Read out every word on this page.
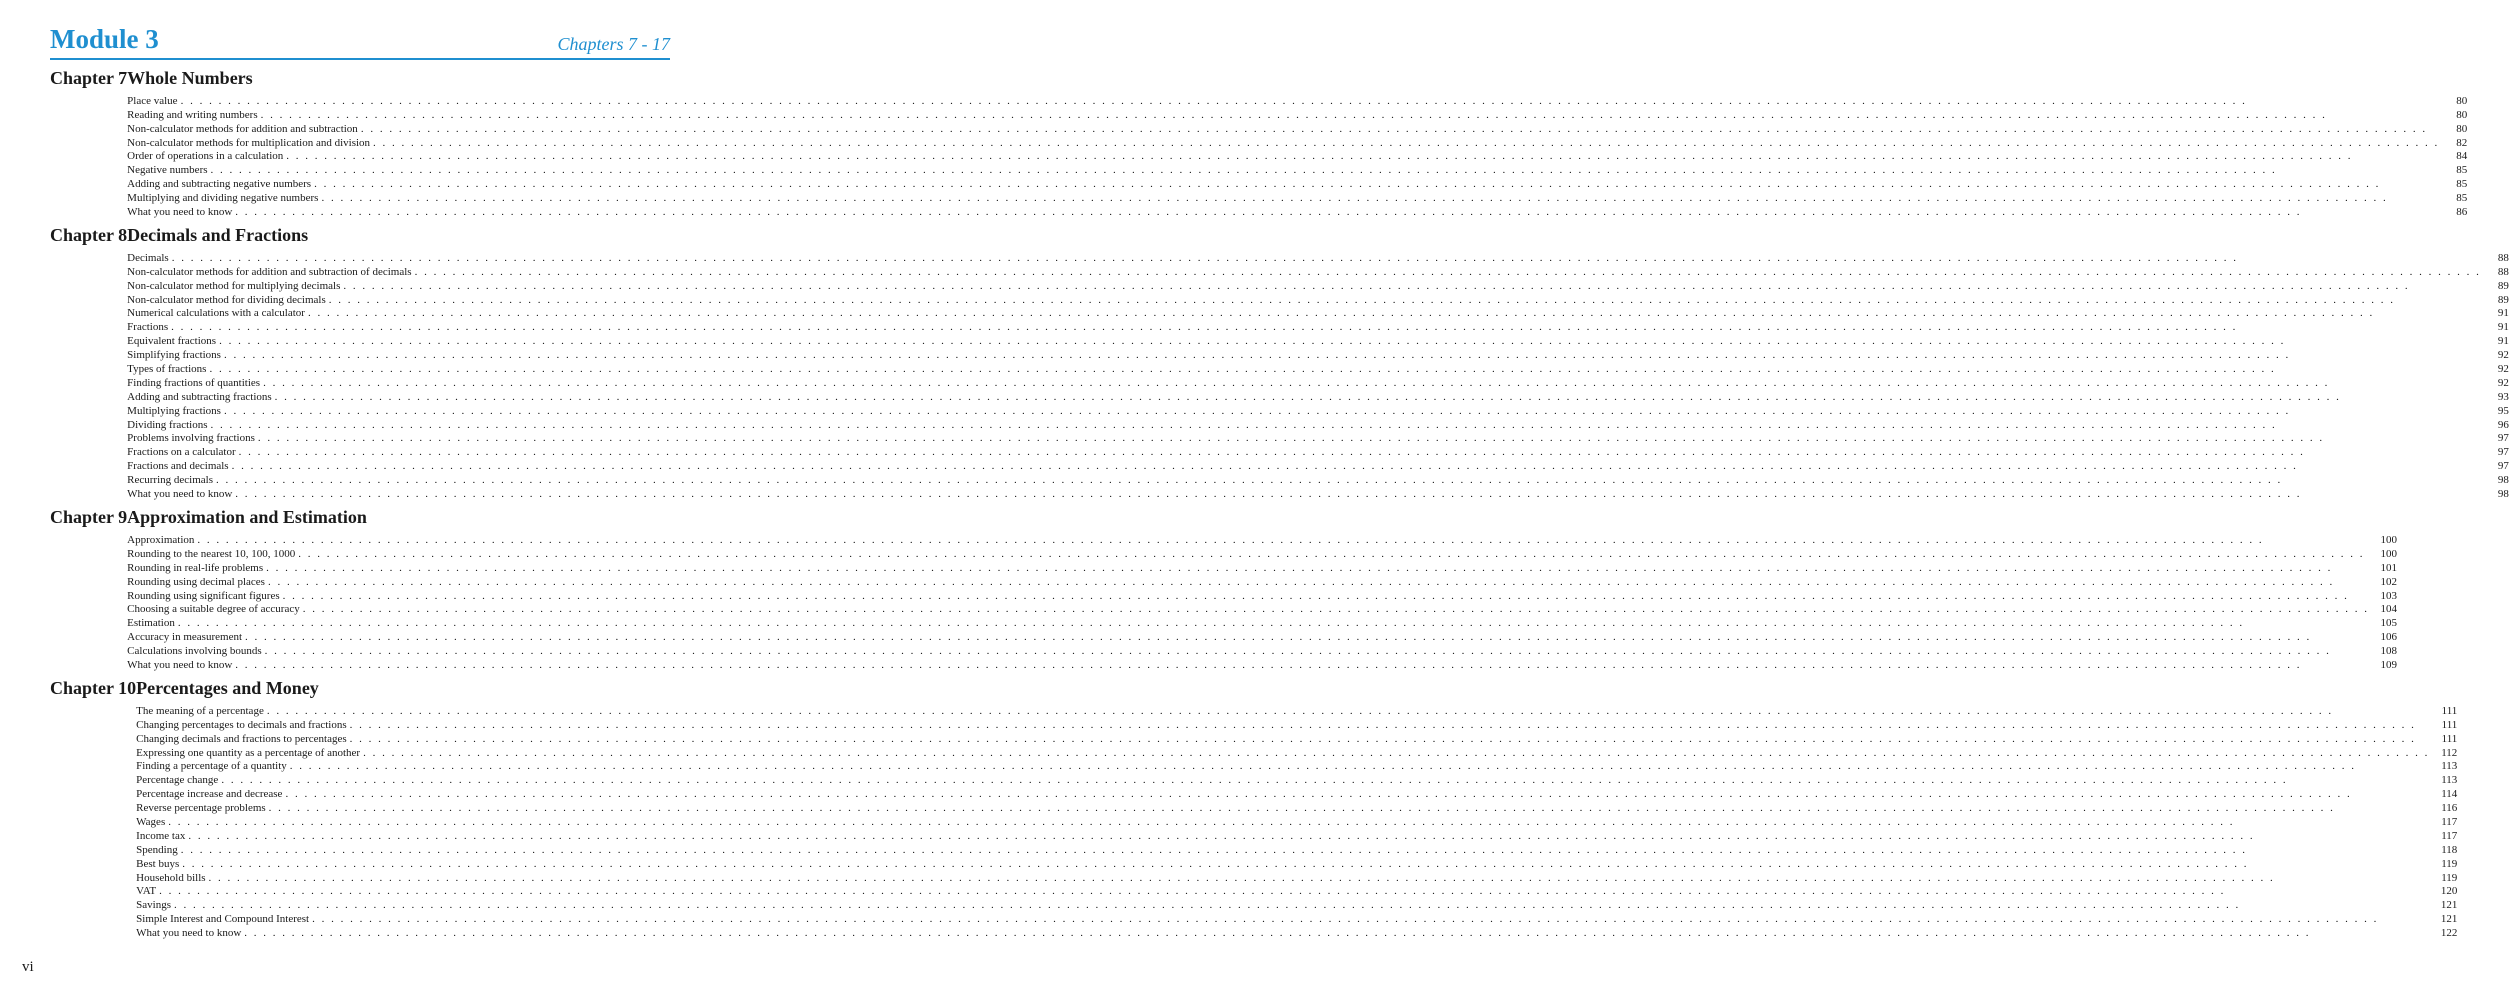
Module 3	Chapters 7 - 17
Chapter 7 Whole Numbers
Place value . . .	80
Reading and writing numbers . . .	80
Non-calculator methods for addition and subtraction . . .	80
Non-calculator methods for multiplication and division . . .	82
Order of operations in a calculation . . .	84
Negative numbers . . .	85
Adding and subtracting negative numbers . . .	85
Multiplying and dividing negative numbers . . .	85
What you need to know . . .	86
Chapter 8 Decimals and Fractions
Decimals . . .	88
Non-calculator methods for addition and subtraction of decimals . . .	88
Non-calculator method for multiplying decimals . . .	89
Non-calculator method for dividing decimals . . .	89
Numerical calculations with a calculator . . .	91
Fractions . . .	91
Equivalent fractions . . .	91
Simplifying fractions . . .	92
Types of fractions . . .	92
Finding fractions of quantities . . .	92
Adding and subtracting fractions . . .	93
Multiplying fractions . . .	95
Dividing fractions . . .	96
Problems involving fractions . . .	97
Fractions on a calculator . . .	97
Fractions and decimals . . .	97
Recurring decimals . . .	98
What you need to know . . .	98
Chapter 9 Approximation and Estimation
Approximation . . .	100
Rounding to the nearest 10, 100, 1000 . . .	100
Rounding in real-life problems . . .	101
Rounding using decimal places . . .	102
Rounding using significant figures . . .	103
Choosing a suitable degree of accuracy . . .	104
Estimation . . .	105
Accuracy in measurement . . .	106
Calculations involving bounds . . .	108
What you need to know . . .	109
Chapter 10 Percentages and Money
The meaning of a percentage . . .	111
Changing percentages to decimals and fractions . . .	111
Changing decimals and fractions to percentages . . .	111
Expressing one quantity as a percentage of another . . .	112
Finding a percentage of a quantity . . .	113
Percentage change . . .	113
Percentage increase and decrease . . .	114
Reverse percentage problems . . .	116
Wages . . .	117
Income tax . . .	117
Spending . . .	118
Best buys . . .	119
Household bills . . .	119
VAT . . .	120
Savings . . .	121
Simple Interest and Compound Interest . . .	121
What you need to know . . .	122
vi
